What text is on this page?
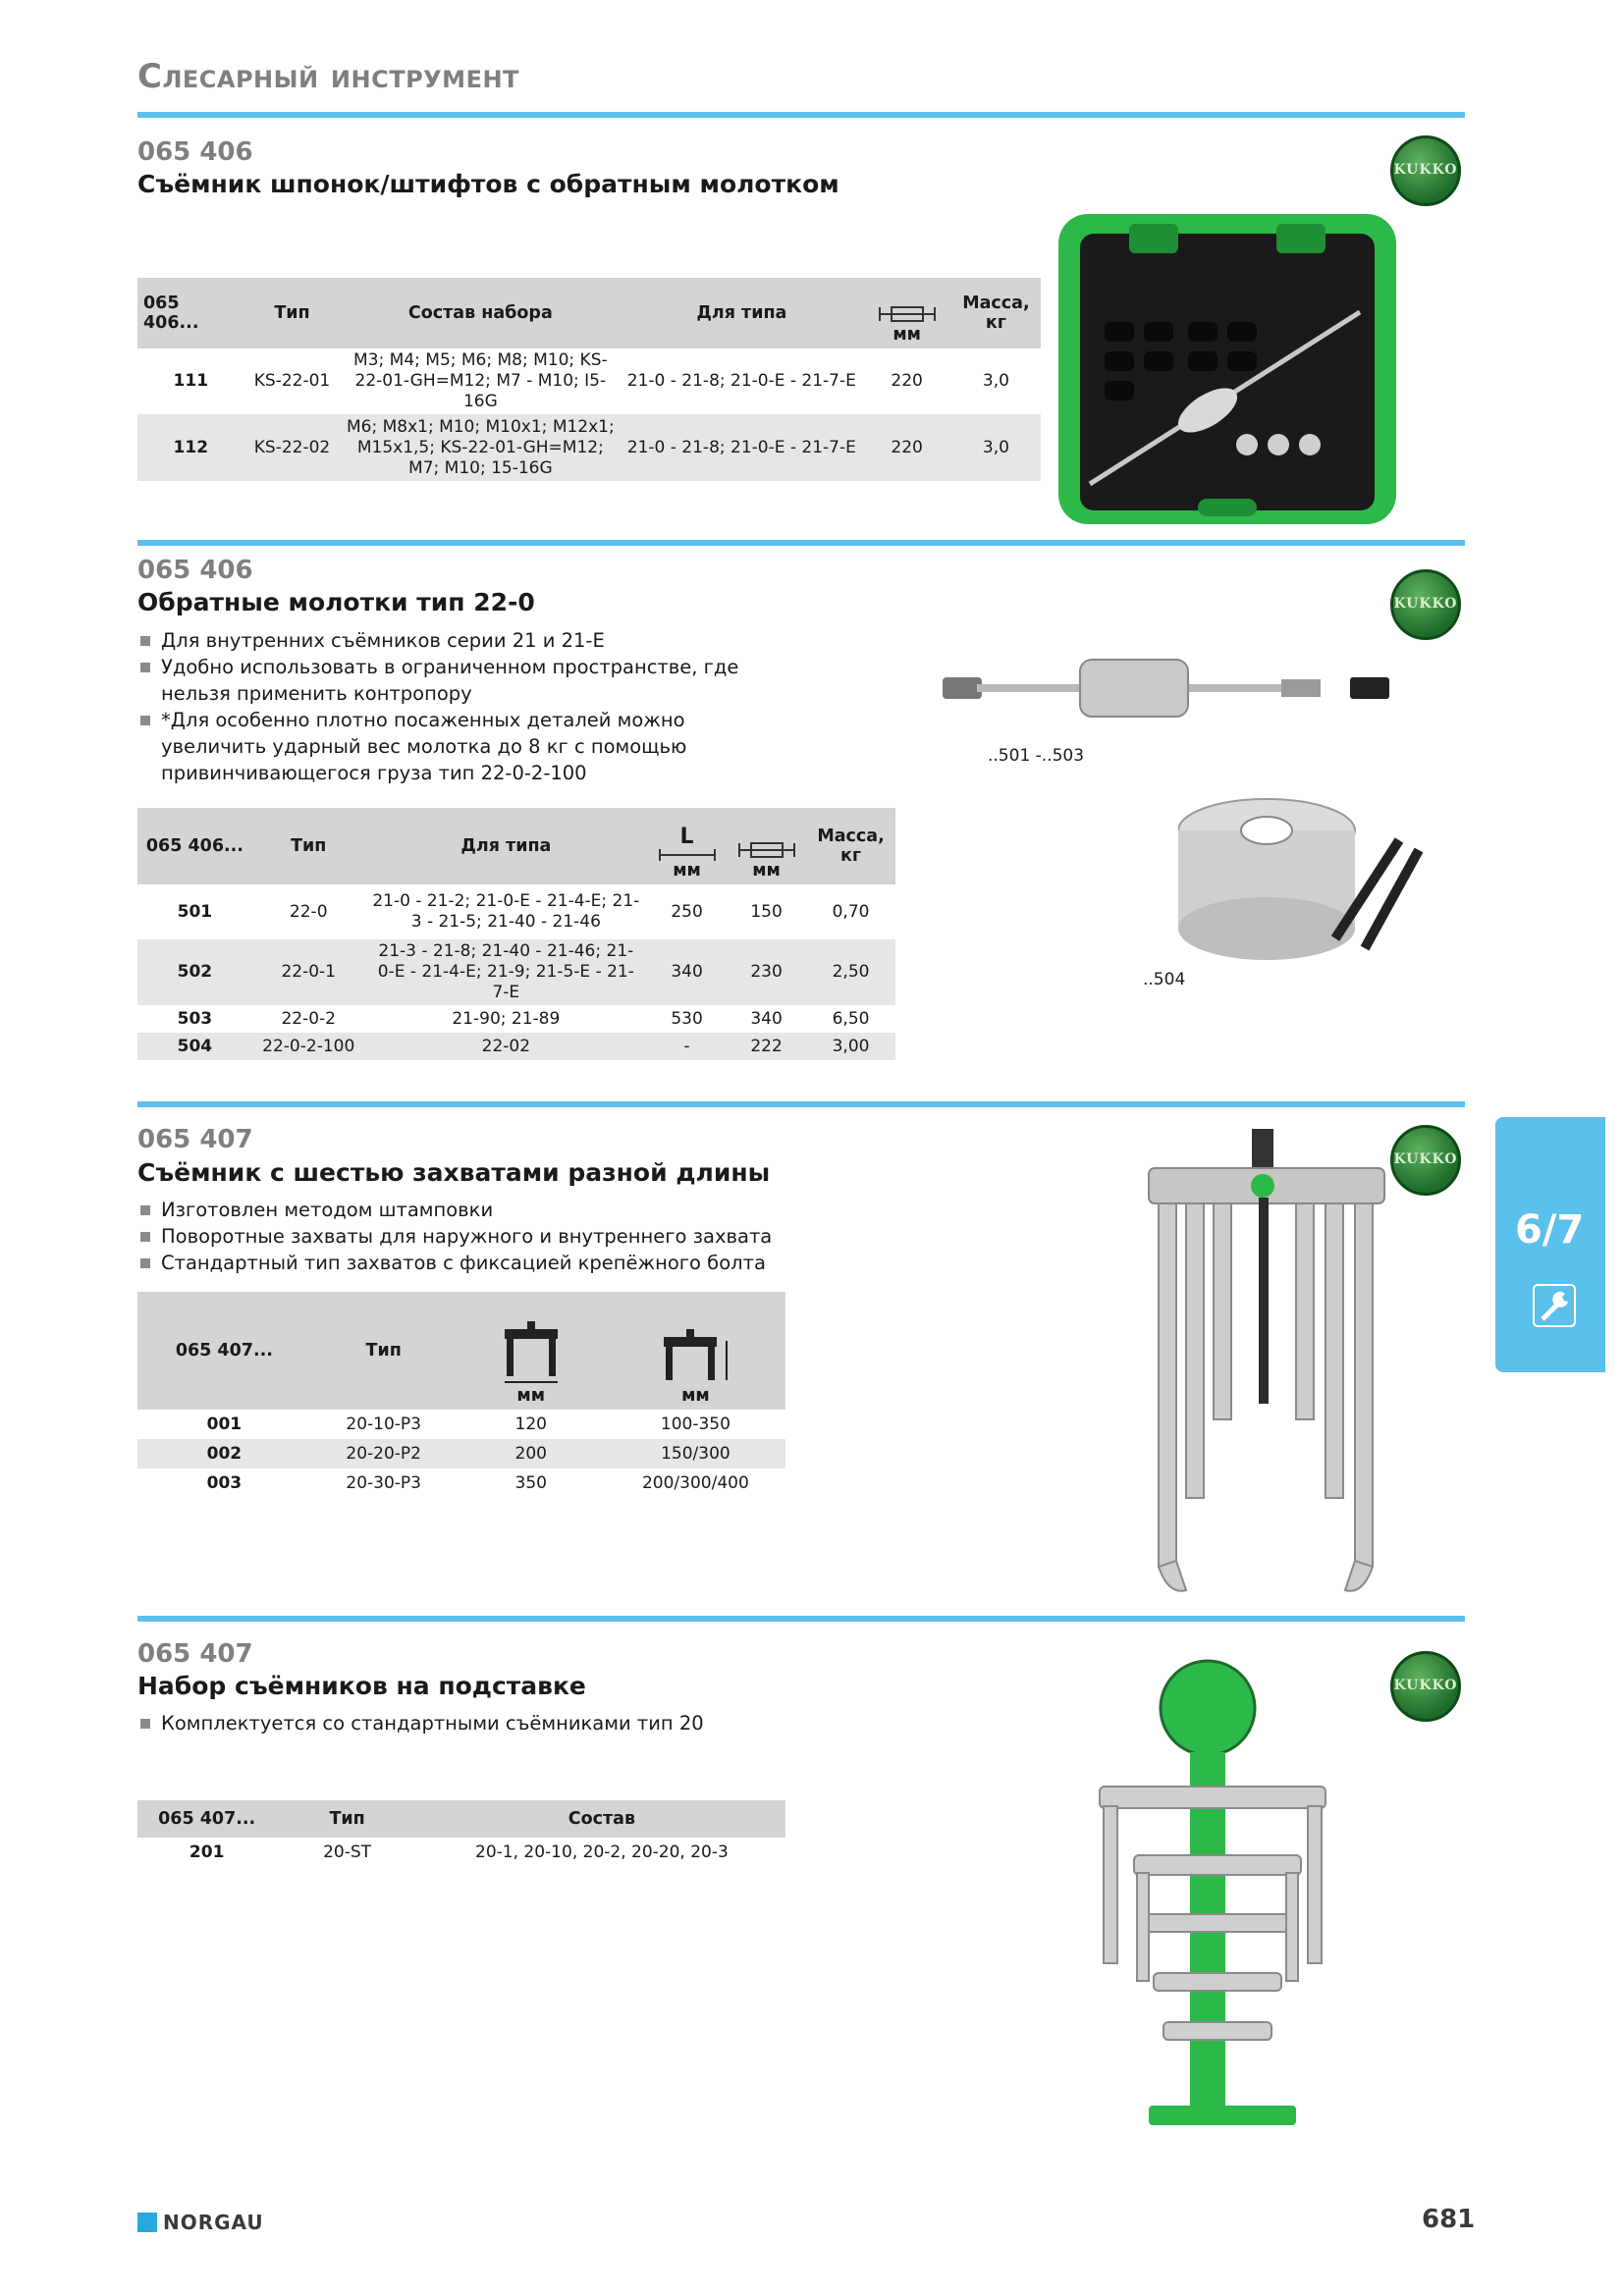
Слесарный инструмент
065 406
Съёмник шпонок/штифтов с обратным молотком	KUKKO
065 406...	Тип	Состав набора	Для типа	мм	Масса, кг
111	KS-22-01	M3; M4; M5; M6; M8; M10; KS-22-01-GH=M12; M7 - M10; I5-16G	21-0 - 21-8; 21-0-E - 21-7-E	220	3,0
112	KS-22-02	M6; M8x1; M10; M10x1; M12x1; M15x1,5; KS-22-01-GH=M12; M7; M10; 15-16G	21-0 - 21-8; 21-0-E - 21-7-E	220	3,0
065 406
Обратные молотки тип 22-0	KUKKO
Для внутренних съёмников серии 21 и 21-E
Удобно использовать в ограниченном пространстве, где нельзя применить контропору
*Для особенно плотно посаженных деталей можно увеличить ударный вес молотка до 8 кг с помощью привинчивающегося груза тип 22-0-2-100
..501 -..503
..504
065 406...	Тип	Для типа	L
мм	мм	Масса, кг
501	22-0	21-0 - 21-2; 21-0-E - 21-4-E; 21-3 - 21-5; 21-40 - 21-46	250	150	0,70
502	22-0-1	21-3 - 21-8; 21-40 - 21-46; 21-0-E - 21-4-E; 21-9; 21-5-E - 21-7-E	340	230	2,50
503	22-0-2	21-90; 21-89	530	340	6,50
504	22-0-2-100	22-02	-	222	3,00
065 407
Съёмник с шестью захватами разной длины	KUKKO
Изготовлен методом штамповки
Поворотные захваты для наружного и внутреннего захвата
Стандартный тип захватов с фиксацией крепёжного болта
065 407...	Тип	мм	мм
001	20-10-P3	120	100-350
002	20-20-P2	200	150/300
003	20-30-P3	350	200/300/400
065 407
Набор съёмников на подставке	KUKKO
Комплектуется со стандартными съёмниками тип 20
065 407...	Тип	Состав
201	20-ST	20-1, 20-10, 20-2, 20-20, 20-3
6/7
NORGAU	681
